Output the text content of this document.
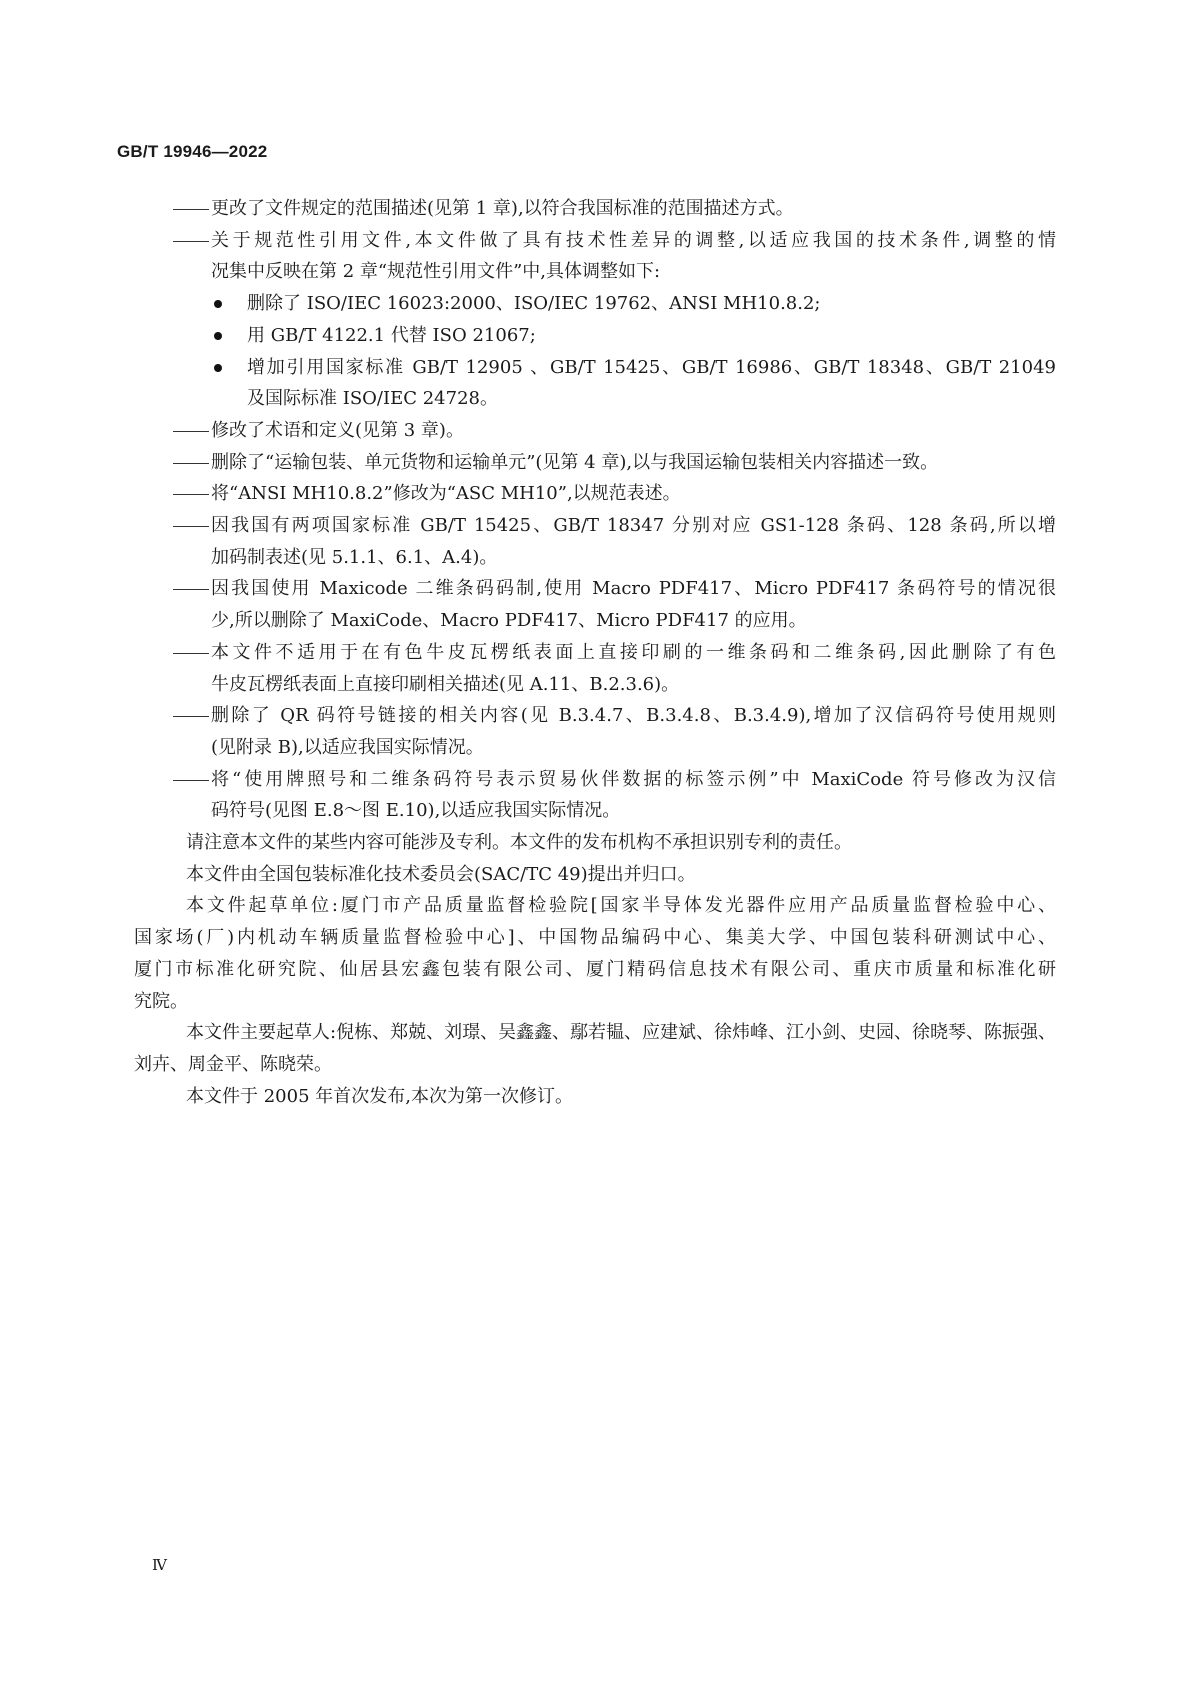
GB/T 19946—2022
更改了文件规定的范围描述(见第 1 章),以符合我国标准的范围描述方式。
关于规范性引用文件,本文件做了具有技术性差异的调整,以适应我国的技术条件,调整的情
况集中反映在第 2 章“规范性引用文件”中,具体调整如下:
删除了 ISO/IEC 16023:2000、ISO/IEC 19762、ANSI MH10.8.2;
用 GB/T 4122.1 代替 ISO 21067;
增加引用国家标准 GB/T 12905 、GB/T 15425、GB/T 16986、GB/T 18348、GB/T 21049
及国际标准 ISO/IEC 24728。
修改了术语和定义(见第 3 章)。
删除了“运输包装、单元货物和运输单元”(见第 4 章),以与我国运输包装相关内容描述一致。
将“ANSI MH10.8.2”修改为“ASC MH10”,以规范表述。
因我国有两项国家标准 GB/T 15425、GB/T 18347 分别对应 GS1-128 条码、128 条码,所以增
加码制表述(见 5.1.1、6.1、A.4)。
因我国使用 Maxicode 二维条码码制,使用 Macro PDF417、Micro PDF417 条码符号的情况很
少,所以删除了 MaxiCode、Macro PDF417、Micro PDF417 的应用。
本文件不适用于在有色牛皮瓦楞纸表面上直接印刷的一维条码和二维条码,因此删除了有色
牛皮瓦楞纸表面上直接印刷相关描述(见 A.11、B.2.3.6)。
删除了 QR 码符号链接的相关内容(见 B.3.4.7、B.3.4.8、B.3.4.9),增加了汉信码符号使用规则
(见附录 B),以适应我国实际情况。
将“使用牌照号和二维条码符号表示贸易伙伴数据的标签示例”中 MaxiCode 符号修改为汉信
码符号(见图 E.8～图 E.10),以适应我国实际情况。
请注意本文件的某些内容可能涉及专利。本文件的发布机构不承担识别专利的责任。
本文件由全国包装标准化技术委员会(SAC/TC 49)提出并归口。
本文件起草单位:厦门市产品质量监督检验院[国家半导体发光器件应用产品质量监督检验中心、
国家场(厂)内机动车辆质量监督检验中心]、中国物品编码中心、集美大学、中国包装科研测试中心、
厦门市标准化研究院、仙居县宏鑫包装有限公司、厦门精码信息技术有限公司、重庆市质量和标准化研
究院。
本文件主要起草人:倪栋、郑兢、刘璟、吴鑫鑫、鄢若韫、应建斌、徐炜峰、江小剑、史园、徐晓琴、陈振强、
刘卉、周金平、陈晓荣。
本文件于 2005 年首次发布,本次为第一次修订。
Ⅳ
